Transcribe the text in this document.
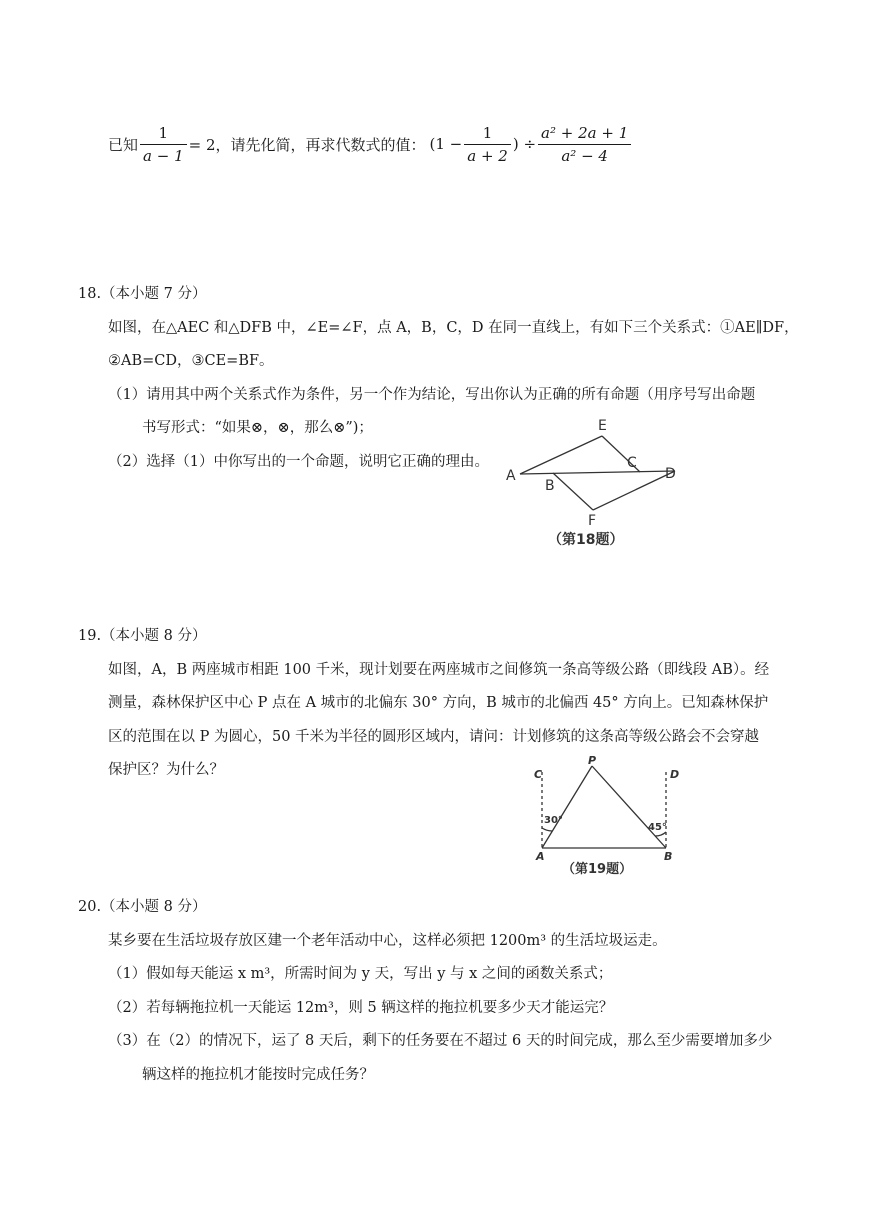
已知 $\frac{1}{a - 1} = 2$， 请先化简，再求代数式的值： ($1 - \frac{1}{a + 2}$ ) ÷ $\frac{\text{a² + 2a + 1}}{\text{a² − 4}}$
18.（本小题 7 分）
如图，在△AEC 和△DFB 中，∠E=∠F，点 A，B，C，D 在同一直线上，有如下三个关系式：①AE∥DF，
②AB=CD，③CE=BF。
（1）请用其中两个关系式作为条件，另一个作为结论，写出你认为正确的所有命题（用序号写出命题
书写形式：“如果⊗，⊗，那么⊗”)；
（2）选择（1）中你写出的一个命题，说明它正确的理由。
A
B
C
D
E
F
（第18题）
19.（本小题 8 分）
如图，A，B 两座城市相距 100 千米，现计划要在两座城市之间修筑一条高等级公路（即线段 AB）。经
测量，森林保护区中心 P 点在 A 城市的北偏东 30° 方向，B 城市的北偏西 45° 方向上。已知森林保护
区的范围在以 P 为圆心，50 千米为半径的圆形区域内，请问：计划修筑的这条高等级公路会不会穿越
保护区？为什么？	C	D
P
A	B
30°
45°
（第19题）
20.（本小题 8 分）
某乡要在生活垃圾存放区建一个老年活动中心，这样必须把 1200m³ 的生活垃圾运走。
（1）假如每天能运 x m³，所需时间为 y 天，写出 y 与 x 之间的函数关系式；
（2）若每辆拖拉机一天能运 12m³，则 5 辆这样的拖拉机要多少天才能运完？
（3）在（2）的情况下，运了 8 天后，剩下的任务要在不超过 6 天的时间完成，那么至少需要增加多少
辆这样的拖拉机才能按时完成任务？
